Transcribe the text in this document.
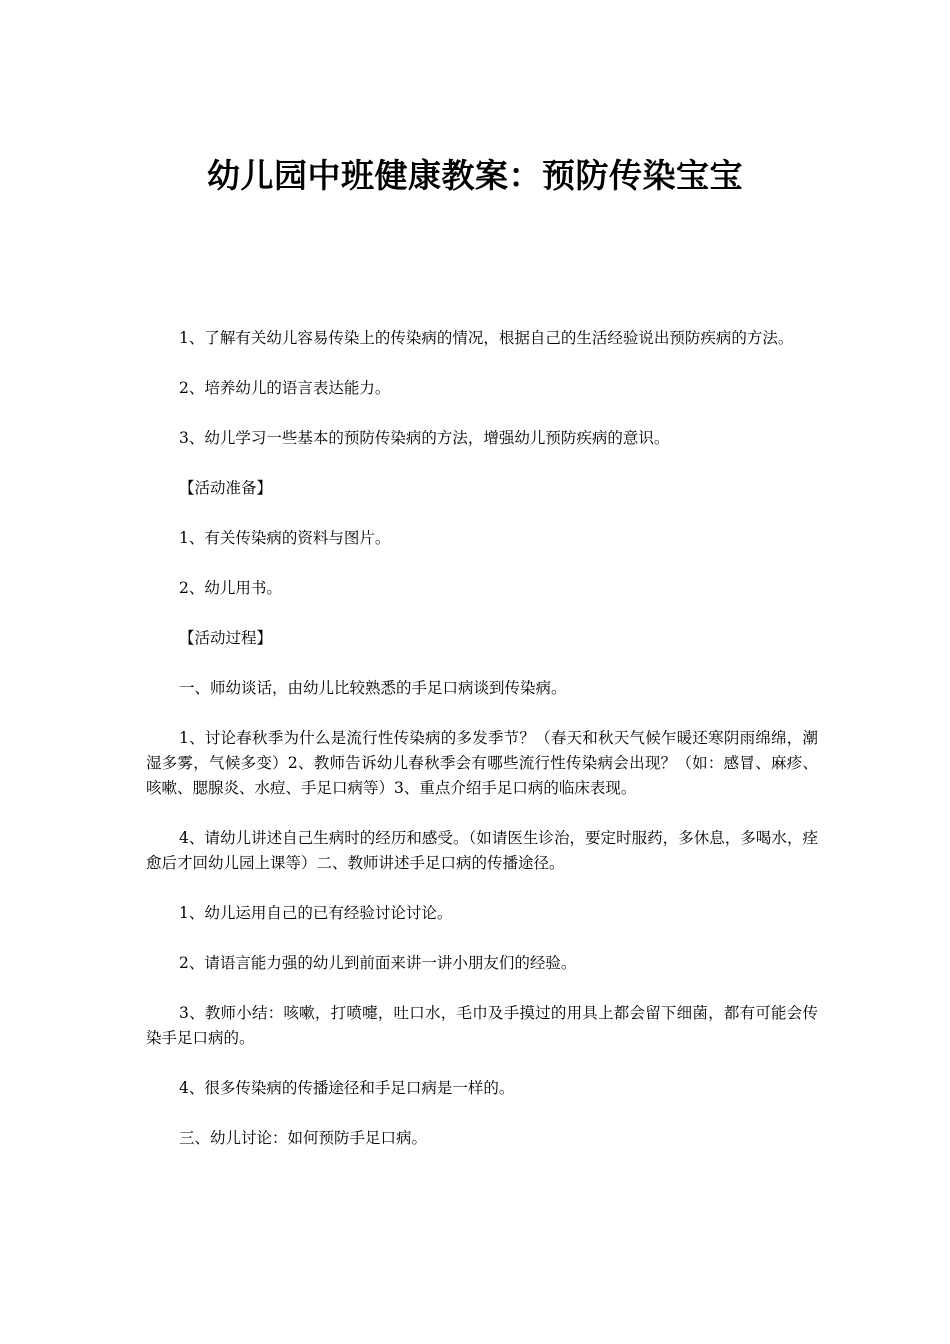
幼儿园中班健康教案：预防传染宝宝

1、了解有关幼儿容易传染上的传染病的情况，根据自己的生活经验说出预防疾病的方法。

2、培养幼儿的语言表达能力。

3、幼儿学习一些基本的预防传染病的方法，增强幼儿预防疾病的意识。

【活动准备】

1、有关传染病的资料与图片。

2、幼儿用书。

【活动过程】

一、师幼谈话，由幼儿比较熟悉的手足口病谈到传染病。

1、讨论春秋季为什么是流行性传染病的多发季节？（春天和秋天气候乍暖还寒阴雨绵绵，潮湿多雾，气候多变）2、教师告诉幼儿春秋季会有哪些流行性传染病会出现？（如：感冒、麻疹、咳嗽、腮腺炎、水痘、手足口病等）3、重点介绍手足口病的临床表现。

4、请幼儿讲述自己生病时的经历和感受。（如请医生诊治，要定时服药，多休息，多喝水，痊愈后才回幼儿园上课等）二、教师讲述手足口病的传播途径。

1、幼儿运用自己的已有经验讨论讨论。

2、请语言能力强的幼儿到前面来讲一讲小朋友们的经验。

3、教师小结：咳嗽，打喷嚏，吐口水，毛巾及手摸过的用具上都会留下细菌，都有可能会传染手足口病的。

4、很多传染病的传播途径和手足口病是一样的。

三、幼儿讨论：如何预防手足口病。
